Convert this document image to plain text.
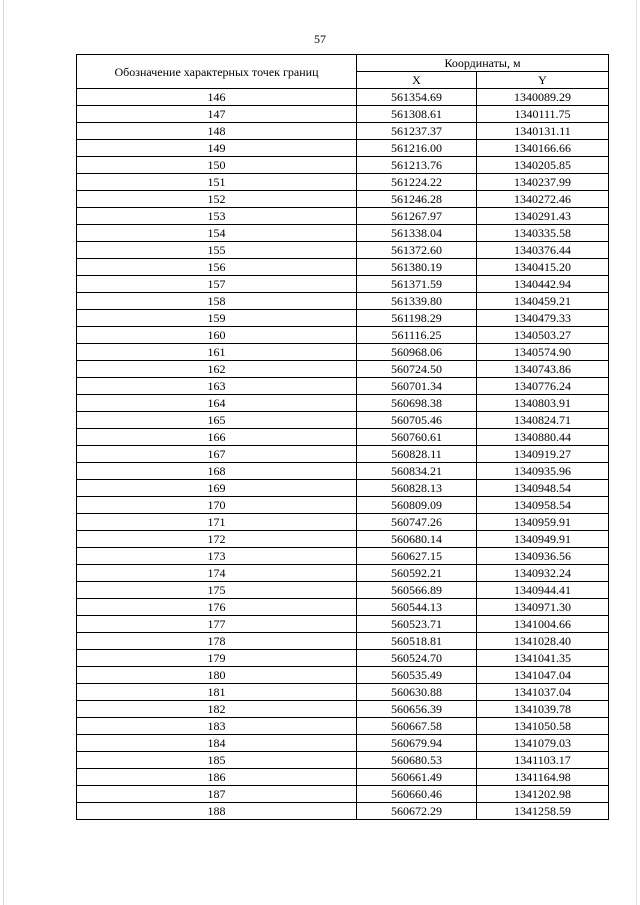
57
Обозначение характерных точек границ	Координаты, м	
	X	Y
146	561354.69	1340089.29
147	561308.61	1340111.75
148	561237.37	1340131.11
149	561216.00	1340166.66
150	561213.76	1340205.85
151	561224.22	1340237.99
152	561246.28	1340272.46
153	561267.97	1340291.43
154	561338.04	1340335.58
155	561372.60	1340376.44
156	561380.19	1340415.20
157	561371.59	1340442.94
158	561339.80	1340459.21
159	561198.29	1340479.33
160	561116.25	1340503.27
161	560968.06	1340574.90
162	560724.50	1340743.86
163	560701.34	1340776.24
164	560698.38	1340803.91
165	560705.46	1340824.71
166	560760.61	1340880.44
167	560828.11	1340919.27
168	560834.21	1340935.96
169	560828.13	1340948.54
170	560809.09	1340958.54
171	560747.26	1340959.91
172	560680.14	1340949.91
173	560627.15	1340936.56
174	560592.21	1340932.24
175	560566.89	1340944.41
176	560544.13	1340971.30
177	560523.71	1341004.66
178	560518.81	1341028.40
179	560524.70	1341041.35
180	560535.49	1341047.04
181	560630.88	1341037.04
182	560656.39	1341039.78
183	560667.58	1341050.58
184	560679.94	1341079.03
185	560680.53	1341103.17
186	560661.49	1341164.98
187	560660.46	1341202.98
188	560672.29	1341258.59
